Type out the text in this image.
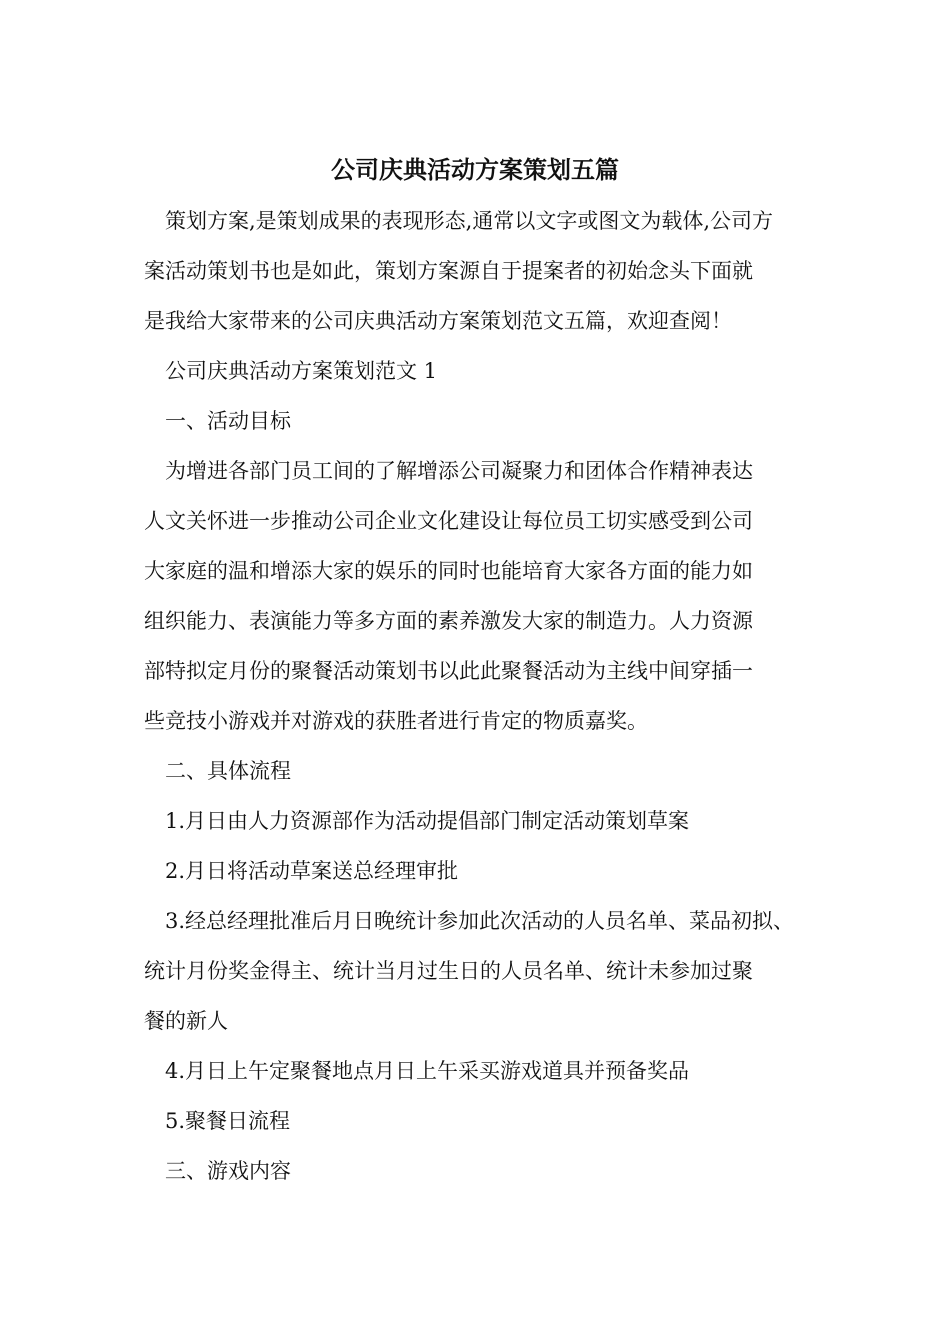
公司庆典活动方案策划五篇

策划方案,是策划成果的表现形态,通常以文字或图文为载体,公司方

案活动策划书也是如此，策划方案源自于提案者的初始念头下面就

是我给大家带来的公司庆典活动方案策划范文五篇，欢迎查阅！

公司庆典活动方案策划范文 1

一、活动目标

为增进各部门员工间的了解增添公司凝聚力和团体合作精神表达

人文关怀进一步推动公司企业文化建设让每位员工切实感受到公司

大家庭的温和增添大家的娱乐的同时也能培育大家各方面的能力如

组织能力、表演能力等多方面的素养激发大家的制造力。人力资源

部特拟定月份的聚餐活动策划书以此此聚餐活动为主线中间穿插一

些竞技小游戏并对游戏的获胜者进行肯定的物质嘉奖。

二、具体流程

1.月日由人力资源部作为活动提倡部门制定活动策划草案

2.月日将活动草案送总经理审批

3.经总经理批准后月日晚统计参加此次活动的人员名单、菜品初拟、

统计月份奖金得主、统计当月过生日的人员名单、统计未参加过聚

餐的新人

4.月日上午定聚餐地点月日上午采买游戏道具并预备奖品

5.聚餐日流程

三、游戏内容
